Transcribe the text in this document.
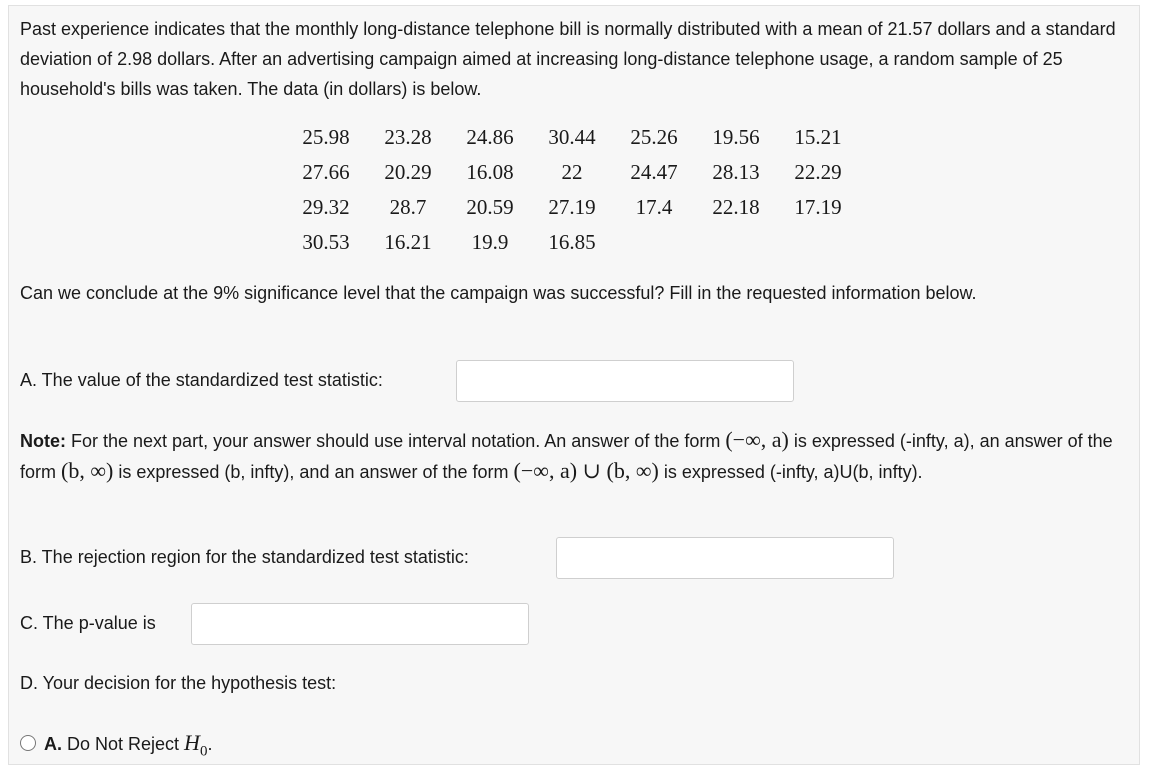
Past experience indicates that the monthly long-distance telephone bill is normally distributed with a mean of 21.57 dollars and a standard deviation of 2.98 dollars. After an advertising campaign aimed at increasing long-distance telephone usage, a random sample of 25 household's bills was taken. The data (in dollars) is below.

25.98	23.28	24.86	30.44	25.26	19.56	15.21
27.66	20.29	16.08	22	24.47	28.13	22.29
29.32	28.7	20.59	27.19	17.4	22.18	17.19
30.53	16.21	19.9	16.85			
Can we conclude at the 9% significance level that the campaign was successful? Fill in the requested information below.
A. The value of the standardized test statistic:
Note: For the next part, your answer should use interval notation. An answer of the form (−∞, a) is expressed (-infty, a), an answer of the form (b, ∞) is expressed (b, infty), and an answer of the form (−∞, a) ∪ (b, ∞) is expressed (-infty, a)U(b, infty).
B. The rejection region for the standardized test statistic:
C. The p-value is
D. Your decision for the hypothesis test:
A. Do Not Reject $H_0$.
